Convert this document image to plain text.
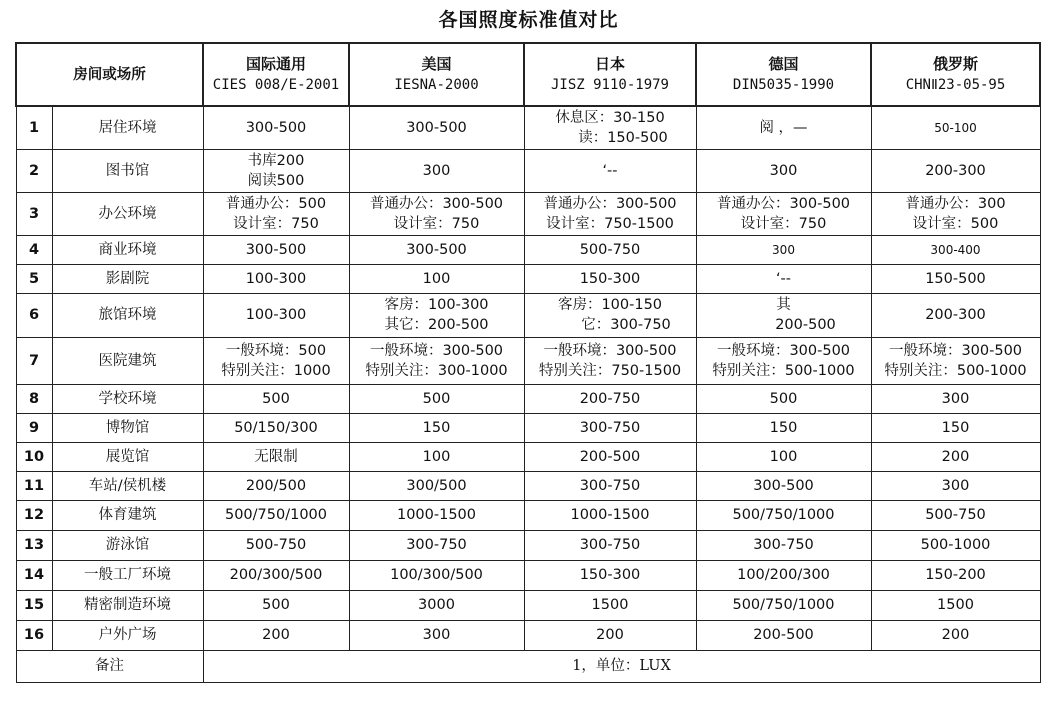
各国照度标准值对比
房间或场所		国际通用
CIES 008/E-2001	美国
IESNA-2000	日本
JISZ 9110-1979	德国
DIN5035-1990	俄罗斯
CHNⅡ23-05-95

1	居住环境	300-500	300-500	休息区：30-150
读：150-500	阅 ，—	50-100

2	图书馆	书库200
阅读500	300	‘--	300	200-300

3	办公环境	普通办公：500
设计室：750	普通办公：300-500
设计室：750	普通办公：300-500
设计室：750-1500	普通办公：300-500
设计室：750	普通办公：300
设计室：500

4	商业环境	300-500	300-500	500-750	300	300-400

5	影剧院	100-300	100	150-300	‘--	150-500

6	旅馆环境	100-300	客房：100-300
其它：200-500	客房：100-150
它：300-750	其
200-500	200-300

7	医院建筑	一般环境：500
特别关注：1000	一般环境：300-500
特别关注：300-1000	一般环境：300-500
特别关注：750-1500	一般环境：300-500
特别关注：500-1000	一般环境：300-500
特别关注：500-1000

8	学校环境	500	500	200-750	500	300

9	博物馆	50/150/300	150	300-750	150	150

10	展览馆	无限制	100	200-500	100	200

11	车站/侯机楼	200/500	300/500	300-750	300-500	300

12	体育建筑	500/750/1000	1000-1500	1000-1500	500/750/1000	500-750

13	游泳馆	500-750	300-750	300-750	300-750	500-1000

14	一般工厂环境	200/300/500	100/300/500	150-300	100/200/300	150-200

15	精密制造环境	500	3000	1500	500/750/1000	1500

16	户外广场	200	300	200	200-500	200

备注		1，单位：LUX				
